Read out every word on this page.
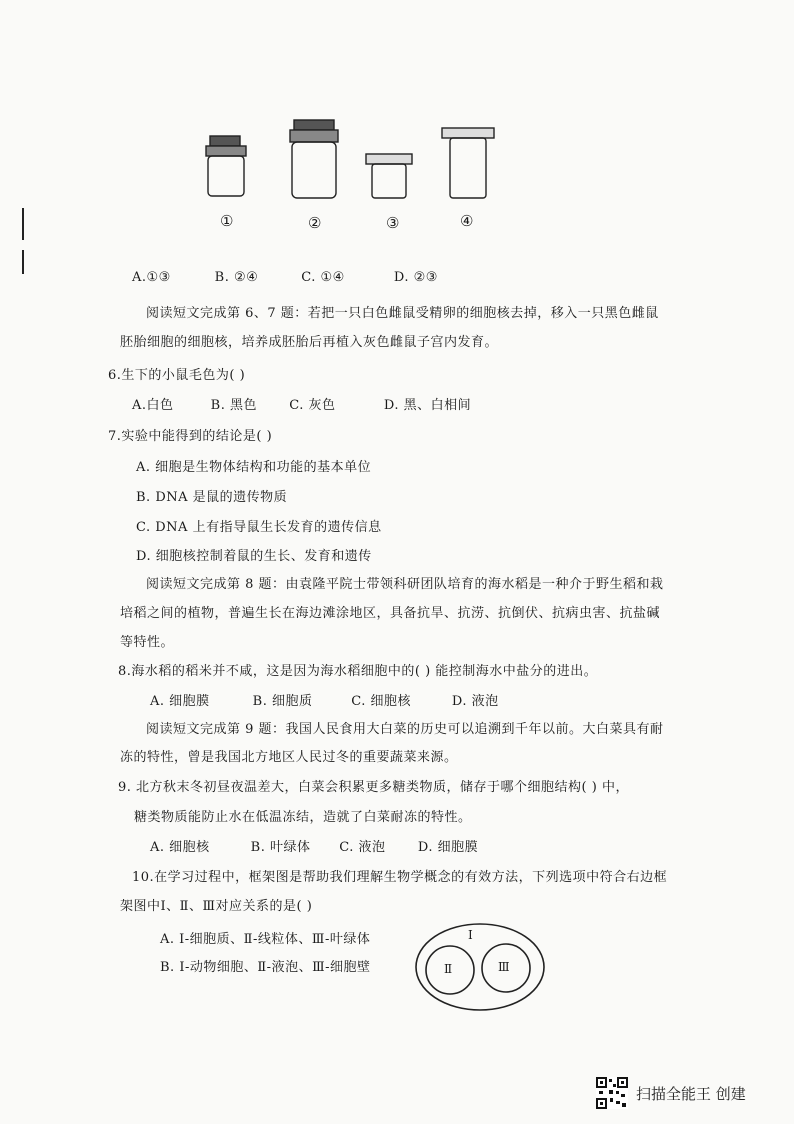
①	②	③	④
A.①③	B. ②④	C. ①④	D. ②③
阅读短文完成第 6、7 题：若把一只白色雌鼠受精卵的细胞核去掉，移入一只黑色雌鼠
胚胎细胞的细胞核，培养成胚胎后再植入灰色雌鼠子宫内发育。
6.生下的小鼠毛色为( )
A.白色	B. 黑色 C. 灰色	D. 黑、白相间
7.实验中能得到的结论是( )
A. 细胞是生物体结构和功能的基本单位
B. DNA 是鼠的遗传物质
C. DNA 上有指导鼠生长发育的遗传信息
D. 细胞核控制着鼠的生长、发育和遗传
阅读短文完成第 8 题：由袁隆平院士带领科研团队培育的海水稻是一种介于野生稻和栽
培稻之间的植物，普遍生长在海边滩涂地区，具备抗旱、抗涝、抗倒伏、抗病虫害、抗盐碱
等特性。
8.海水稻的稻米并不咸，这是因为海水稻细胞中的( ) 能控制海水中盐分的进出。
A. 细胞膜	B. 细胞质	C. 细胞核	D. 液泡
阅读短文完成第 9 题：我国人民食用大白菜的历史可以追溯到千年以前。大白菜具有耐
冻的特性，曾是我国北方地区人民过冬的重要蔬菜来源。
9. 北方秋末冬初昼夜温差大，白菜会积累更多糖类物质，储存于哪个细胞结构( ) 中，
糖类物质能防止水在低温冻结，造就了白菜耐冻的特性。
A. 细胞核	B. 叶绿体 C. 液泡 D. 细胞膜
10.在学习过程中，框架图是帮助我们理解生物学概念的有效方法，下列选项中符合右边框
架图中Ⅰ、Ⅱ、Ⅲ对应关系的是( )
A. Ⅰ-细胞质、Ⅱ-线粒体、Ⅲ-叶绿体
B. Ⅰ-动物细胞、Ⅱ-液泡、Ⅲ-细胞壁
Ⅰ
Ⅱ	Ⅲ
扫描全能王 创建
